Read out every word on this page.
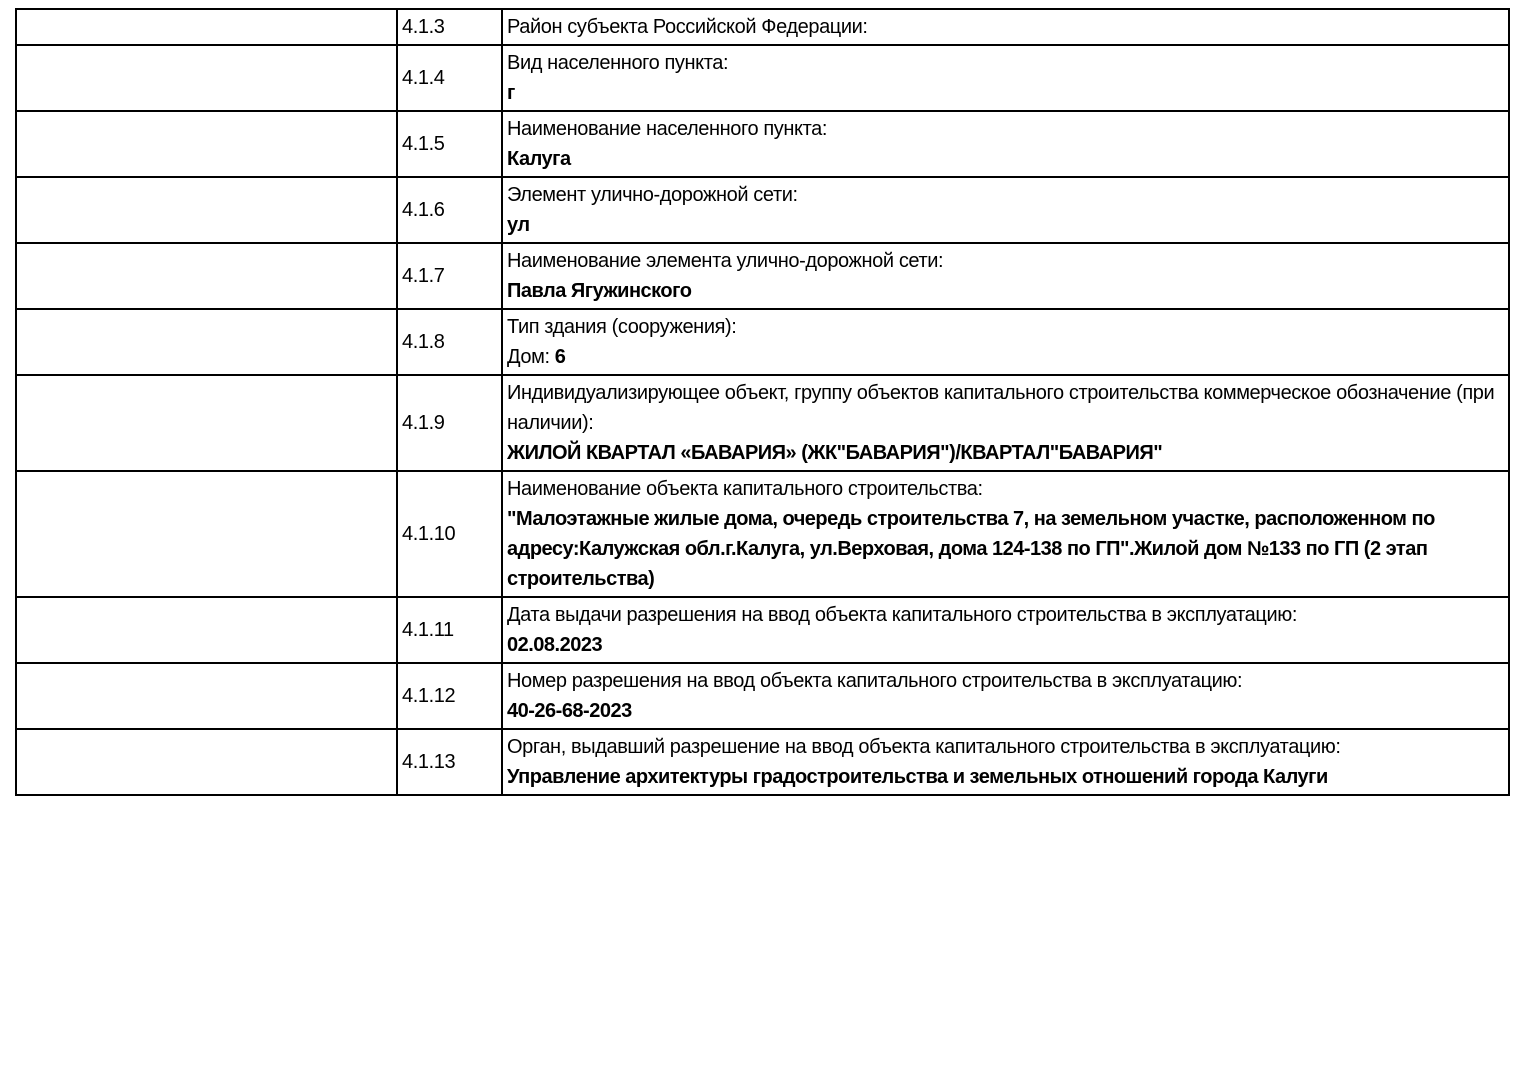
	4.1.3	Район субъекта Российской Федерации:

	4.1.4	Вид населенного пункта:
г

	4.1.5	Наименование населенного пункта:
Калуга

	4.1.6	Элемент улично-дорожной сети:
ул

	4.1.7	Наименование элемента улично-дорожной сети:
Павла Ягужинского

	4.1.8	Тип здания (сооружения):
Дом: 6

	4.1.9	Индивидуализирующее объект, группу объектов капитального строительства коммерческое обозначение (при наличии):
ЖИЛОЙ КВАРТАЛ «БАВАРИЯ» (ЖК"БАВАРИЯ")/КВАРТАЛ"БАВАРИЯ"

	4.1.10	Наименование объекта капитального строительства:
"Малоэтажные жилые дома, очередь строительства 7, на земельном участке, расположенном по адресу:Калужская обл.г.Калуга, ул.Верховая, дома 124-138 по ГП".Жилой дом №133 по ГП (2 этап строительства)

	4.1.11	Дата выдачи разрешения на ввод объекта капитального строительства в эксплуатацию:
02.08.2023

	4.1.12	Номер разрешения на ввод объекта капитального строительства в эксплуатацию:
40-26-68-2023

	4.1.13	Орган, выдавший разрешение на ввод объекта капитального строительства в эксплуатацию:
Управление архитектуры градостроительства и земельных отношений города Калуги
